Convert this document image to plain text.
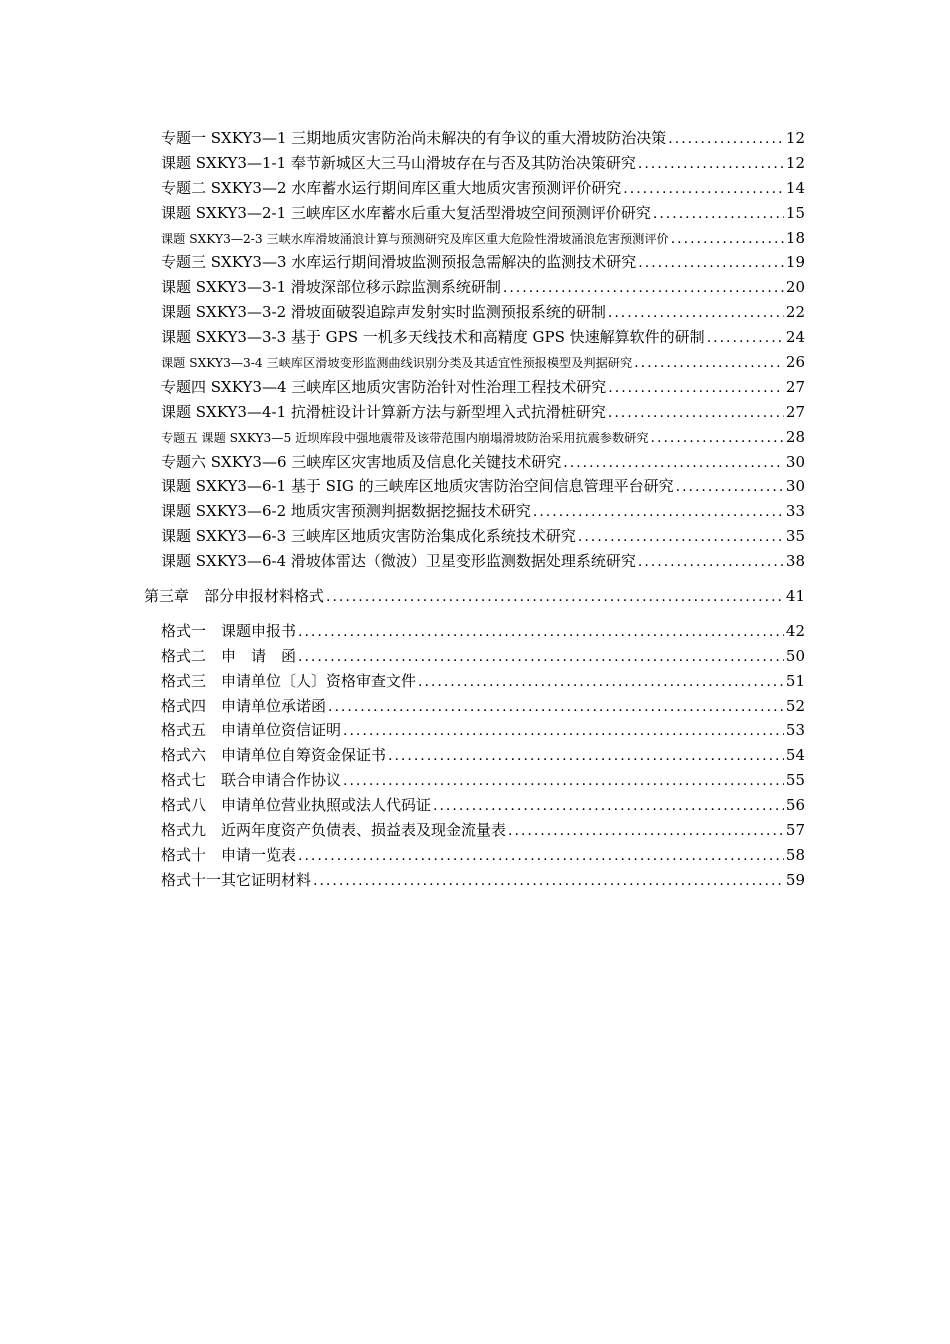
专题一 SXKY3—1 三期地质灾害防治尚未解决的有争议的重大滑坡防治决策 .....	12
课题 SXKY3—1-1 奉节新城区大三马山滑坡存在与否及其防治决策研究 .....	12
专题二 SXKY3—2 水库蓄水运行期间库区重大地质灾害预测评价研究 .....	14
课题 SXKY3—2-1 三峡库区水库蓄水后重大复活型滑坡空间预测评价研究 .....	15
课题 SXKY3—2-3 三峡水库滑坡涌浪计算与预测研究及库区重大危险性滑坡涌浪危害预测评价 .....	18
专题三 SXKY3—3 水库运行期间滑坡监测预报急需解决的监测技术研究 .....	19
课题 SXKY3—3-1 滑坡深部位移示踪监测系统研制 .....	20
课题 SXKY3—3-2 滑坡面破裂追踪声发射实时监测预报系统的研制 .....	22
课题 SXKY3—3-3 基于 GPS 一机多天线技术和高精度 GPS 快速解算软件的研制 .....	24
课题 SXKY3—3-4 三峡库区滑坡变形监测曲线识别分类及其适宜性预报模型及判据研究 .....	26
专题四 SXKY3—4 三峡库区地质灾害防治针对性治理工程技术研究 .....	27
课题 SXKY3—4-1 抗滑桩设计计算新方法与新型埋入式抗滑桩研究 .....	27
专题五 课题 SXKY3—5 近坝库段中强地震带及该带范围内崩塌滑坡防治采用抗震参数研究 .....	28
专题六 SXKY3—6 三峡库区灾害地质及信息化关键技术研究 .....	30
课题 SXKY3—6-1 基于 SIG 的三峡库区地质灾害防治空间信息管理平台研究 .....	30
课题 SXKY3—6-2 地质灾害预测判据数据挖掘技术研究 .....	33
课题 SXKY3—6-3 三峡库区地质灾害防治集成化系统技术研究 .....	35
课题 SXKY3—6-4 滑坡体雷达（微波）卫星变形监测数据处理系统研究 .....	38
第三章　部分申报材料格式 .....	41
格式一　课题申报书 .....	42
格式二　申　请　函 .....	50
格式三　申请单位〔人〕资格审查文件 .....	51
格式四　申请单位承诺函 .....	52
格式五　申请单位资信证明 .....	53
格式六　申请单位自筹资金保证书 .....	54
格式七　联合申请合作协议 .....	55
格式八　申请单位营业执照或法人代码证 .....	56
格式九　近两年度资产负债表、损益表及现金流量表 .....	57
格式十　申请一览表 .....	58
格式十一其它证明材料 .....	59
